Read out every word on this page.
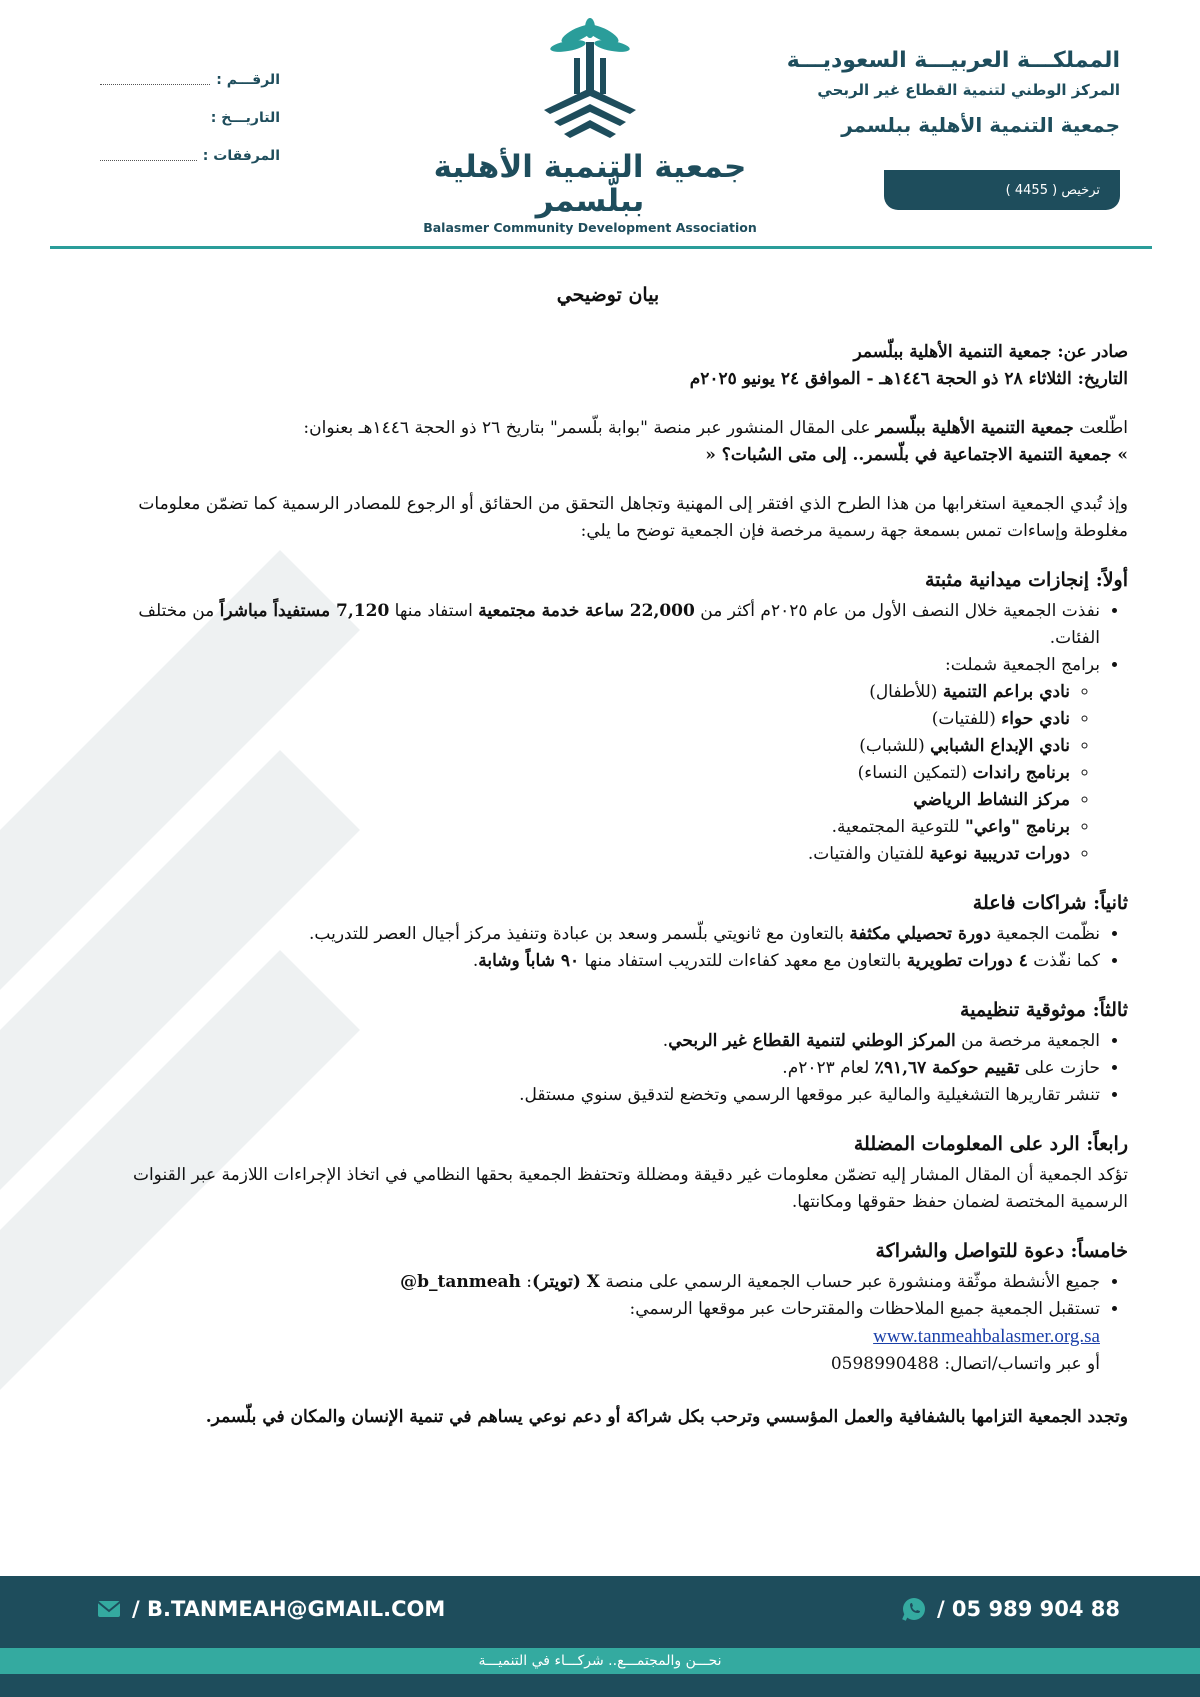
المملكـــة العربيـــة السعوديـــة
المركز الوطني لتنمية القطاع غير الربحي
جمعية التنمية الأهلية ببلسمر
ترخيص ( 4455 )
جمعية التنمية الأهلية ببلّسمر
Balasmer Community Development Association
الرقـــم :
التاريـــخ :
المرفقات :
بيان توضيحي

صادر عن: جمعية التنمية الأهلية ببلّسمر

التاريخ: الثلاثاء ٢٨ ذو الحجة ١٤٤٦هـ - الموافق ٢٤ يونيو ٢٠٢٥م

اطّلعت جمعية التنمية الأهلية ببلّسمر على المقال المنشور عبر منصة "بوابة بلّسمر" بتاريخ ٢٦ ذو الحجة ١٤٤٦هـ بعنوان:

» جمعية التنمية الاجتماعية في بلّسمر.. إلى متى السُبات؟ «

وإذ تُبدي الجمعية استغرابها من هذا الطرح الذي افتقر إلى المهنية وتجاهل التحقق من الحقائق أو الرجوع للمصادر الرسمية كما تضمّن معلومات مغلوطة وإساءات تمس بسمعة جهة رسمية مرخصة فإن الجمعية توضح ما يلي:

أولاً: إنجازات ميدانية مثبتة
• نفذت الجمعية خلال النصف الأول من عام ٢٠٢٥م أكثر من 22,000 ساعة خدمة مجتمعية استفاد منها 7,120 مستفيداً مباشراً من مختلف الفئات.
• برامج الجمعية شملت:
◦ نادي براعم التنمية (للأطفال)
◦ نادي حواء (للفتيات)
◦ نادي الإبداع الشبابي (للشباب)
◦ برنامج راندات (لتمكين النساء)
◦ مركز النشاط الرياضي
◦ برنامج "واعي" للتوعية المجتمعية.
◦ دورات تدريبية نوعية للفتيان والفتيات.
ثانياً: شراكات فاعلة
• نظّمت الجمعية دورة تحصيلي مكثفة بالتعاون مع ثانويتي بلّسمر وسعد بن عبادة وتنفيذ مركز أجيال العصر للتدريب.
• كما نفّذت ٤ دورات تطويرية بالتعاون مع معهد كفاءات للتدريب استفاد منها ٩٠ شاباً وشابة.
ثالثاً: موثوقية تنظيمية
• الجمعية مرخصة من المركز الوطني لتنمية القطاع غير الربحي.
• حازت على تقييم حوكمة ٩١,٦٧٪ لعام ٢٠٢٣م.
• تنشر تقاريرها التشغيلية والمالية عبر موقعها الرسمي وتخضع لتدقيق سنوي مستقل.
رابعاً: الرد على المعلومات المضللة

تؤكد الجمعية أن المقال المشار إليه تضمّن معلومات غير دقيقة ومضللة وتحتفظ الجمعية بحقها النظامي في اتخاذ الإجراءات اللازمة عبر القنوات الرسمية المختصة لضمان حفظ حقوقها ومكانتها.

خامساً: دعوة للتواصل والشراكة
• جميع الأنشطة موثّقة ومنشورة عبر حساب الجمعية الرسمي على منصة X (تويتر): @b_tanmeah
• تستقبل الجمعية جميع الملاحظات والمقترحات عبر موقعها الرسمي:
www.tanmeahbalasmer.org.sa
أو عبر واتساب/اتصال: 0598990488

وتجدد الجمعية التزامها بالشفافية والعمل المؤسسي وترحب بكل شراكة أو دعم نوعي يساهم في تنمية الإنسان والمكان في بلّسمر.

/ B.TANMEAH@GMAIL.COM	/ 05 989 904 88
نحـــن والمجتمـــع.. شركـــاء في التنميـــة
